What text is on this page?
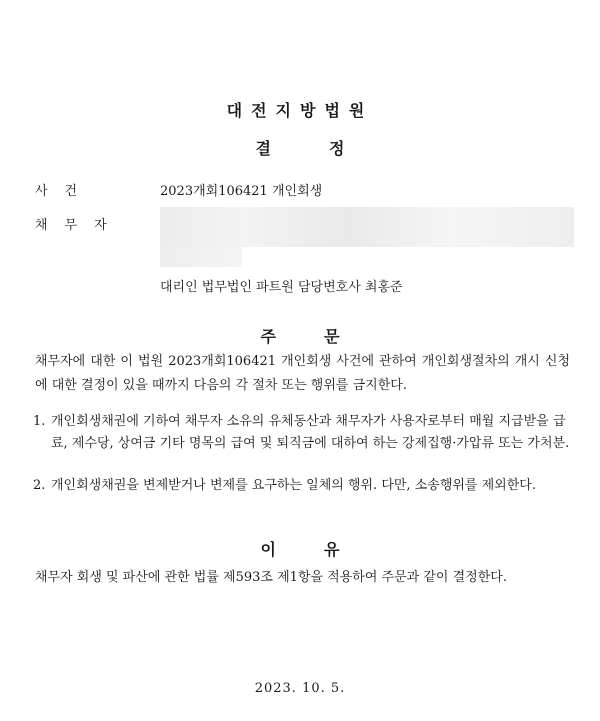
대전지방법원
결정
사건	2023개회106421 개인회생
채무자
대리인 법무법인 파트원 담당변호사 최홍준
주문

채무자에 대한 이 법원 2023개회106421 개인회생 사건에 관하여 개인회생절차의 개시 신청에 대한 결정이 있을 때까지 다음의 각 절차 또는 행위를 금지한다.

1. 개인회생채권에 기하여 채무자 소유의 유체동산과 채무자가 사용자로부터 매월 지급받을 급료, 제수당, 상여금 기타 명목의 급여 및 퇴직금에 대하여 하는 강제집행·가압류 또는 가처분.
2. 개인회생채권을 변제받거나 변제를 요구하는 일체의 행위. 다만, 소송행위를 제외한다.
이유

채무자 회생 및 파산에 관한 법률 제593조 제1항을 적용하여 주문과 같이 결정한다.

2023. 10. 5.
